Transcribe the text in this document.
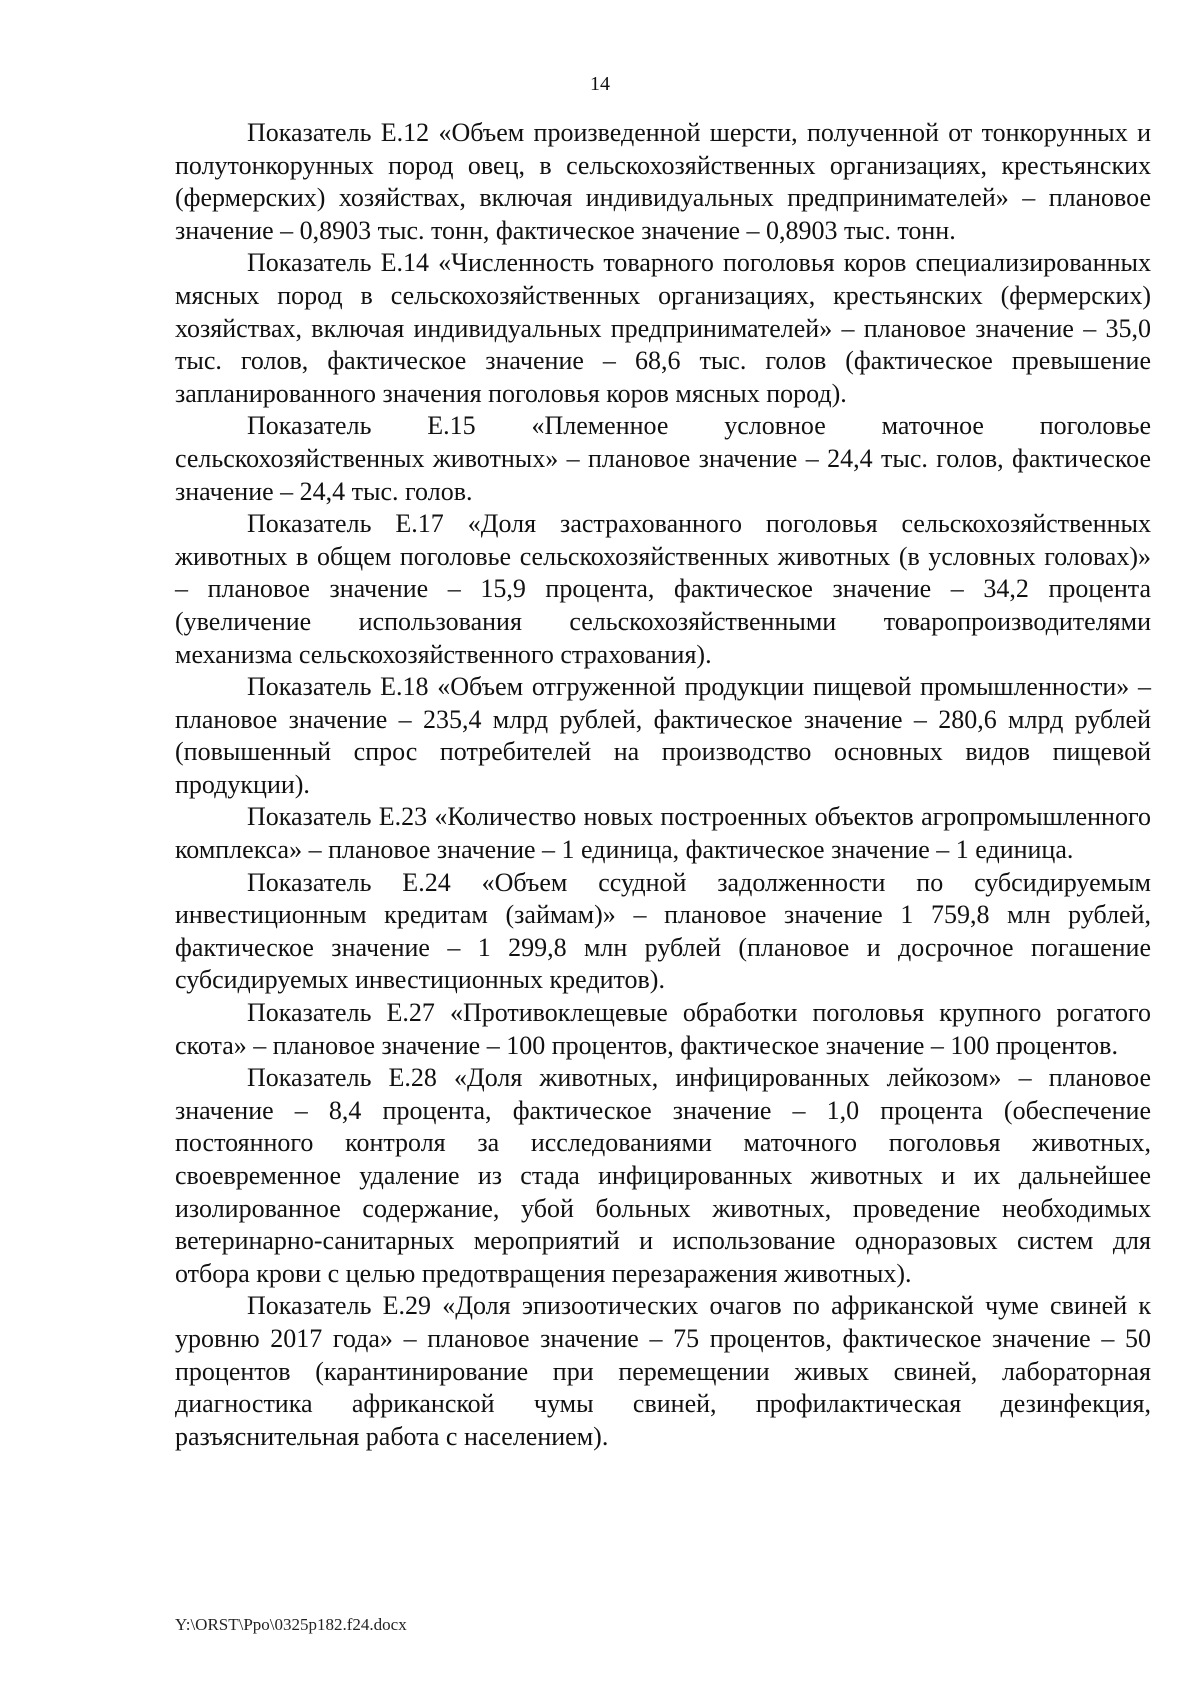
14

Показатель Е.12 «Объем произведенной шерсти, полученной от тонкорунных и полутонкорунных пород овец, в сельскохозяйственных организациях, крестьянских (фермерских) хозяйствах, включая индивидуальных предпринимателей» – плановое значение – 0,8903 тыс. тонн, фактическое значение – 0,8903 тыс. тонн.

Показатель Е.14 «Численность товарного поголовья коров специализированных мясных пород в сельскохозяйственных организациях, крестьянских (фермерских) хозяйствах, включая индивидуальных предпринимателей» – плановое значение – 35,0 тыс. голов, фактическое значение – 68,6 тыс. голов (фактическое превышение запланированного значения поголовья коров мясных пород).

Показатель Е.15 «Племенное условное маточное поголовье сельскохозяйственных животных» – плановое значение – 24,4 тыс. голов, фактическое значение – 24,4 тыс. голов.

Показатель Е.17 «Доля застрахованного поголовья сельскохозяйственных животных в общем поголовье сельскохозяйственных животных (в условных головах)» – плановое значение – 15,9 процента, фактическое значение – 34,2 процента (увеличение использования сельскохозяйственными товаропроизводителями механизма сельскохозяйственного страхования).

Показатель Е.18 «Объем отгруженной продукции пищевой промышленности» – плановое значение – 235,4 млрд рублей, фактическое значение – 280,6 млрд рублей (повышенный спрос потребителей на производство основных видов пищевой продукции).

Показатель Е.23 «Количество новых построенных объектов агропромышленного комплекса» – плановое значение – 1 единица, фактическое значение – 1 единица.

Показатель Е.24 «Объем ссудной задолженности по субсидируемым инвестиционным кредитам (займам)» – плановое значение 1 759,8 млн рублей, фактическое значение – 1 299,8 млн рублей (плановое и досрочное погашение субсидируемых инвестиционных кредитов).

Показатель Е.27 «Противоклещевые обработки поголовья крупного рогатого скота» – плановое значение – 100 процентов, фактическое значение – 100 процентов.

Показатель Е.28 «Доля животных, инфицированных лейкозом» – плановое значение – 8,4 процента, фактическое значение – 1,0 процента (обеспечение постоянного контроля за исследованиями маточного поголовья животных, своевременное удаление из стада инфицированных животных и их дальнейшее изолированное содержание, убой больных животных, проведение необходимых ветеринарно-санитарных мероприятий и использование одноразовых систем для отбора крови с целью предотвращения перезаражения животных).

Показатель Е.29 «Доля эпизоотических очагов по африканской чуме свиней к уровню 2017 года» – плановое значение – 75 процентов, фактическое значение – 50 процентов (карантинирование при перемещении живых свиней, лабораторная диагностика африканской чумы свиней, профилактическая дезинфекция, разъяснительная работа с населением).

Y:\ORST\Ppo\0325p182.f24.docx
